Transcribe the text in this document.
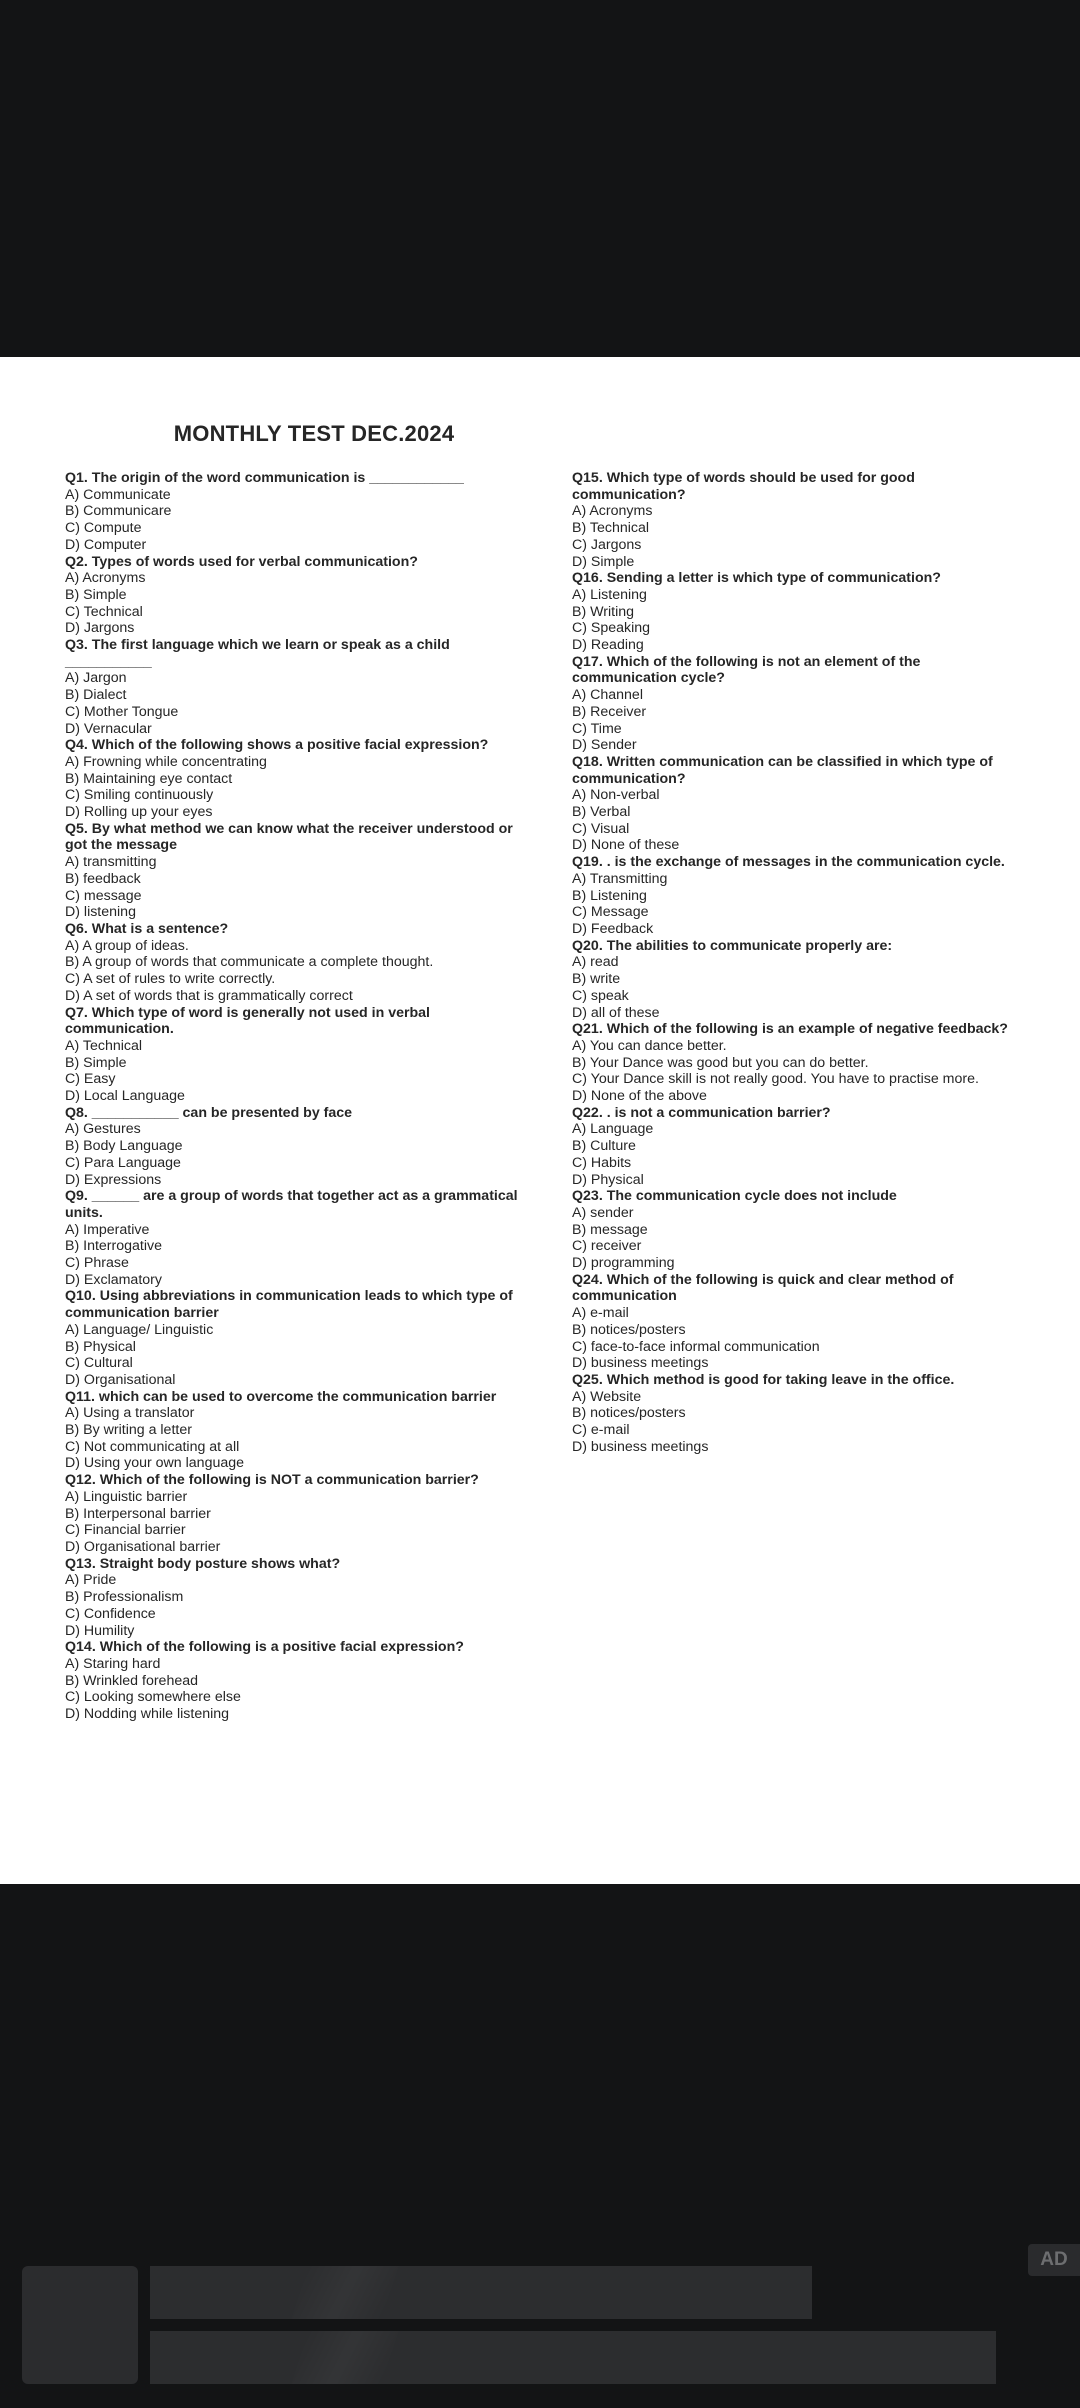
MONTHLY TEST DEC.2024
Q1. The origin of the word communication is ____________
A) Communicate
B) Communicare
C) Compute
D) Computer
Q2. Types of words used for verbal communication?
A) Acronyms
B) Simple
C) Technical
D) Jargons
Q3. The first language which we learn or speak as a child ___________
A) Jargon
B) Dialect
C) Mother Tongue
D) Vernacular
Q4. Which of the following shows a positive facial expression?
A) Frowning while concentrating
B) Maintaining eye contact
C) Smiling continuously
D) Rolling up your eyes
Q5. By what method we can know what the receiver understood or got the message
A) transmitting
B) feedback
C) message
D) listening
Q6. What is a sentence?
A) A group of ideas.
B) A group of words that communicate a complete thought.
C) A set of rules to write correctly.
D) A set of words that is grammatically correct
Q7. Which type of word is generally not used in verbal communication.
A) Technical
B) Simple
C) Easy
D) Local Language
Q8. ___________ can be presented by face
A) Gestures
B) Body Language
C) Para Language
D) Expressions
Q9. ______ are a group of words that together act as a grammatical units.
A) Imperative
B) Interrogative
C) Phrase
D) Exclamatory
Q10. Using abbreviations in communication leads to which type of communication barrier
A) Language/ Linguistic
B) Physical
C) Cultural
D) Organisational
Q11. which can be used to overcome the communication barrier
A) Using a translator
B) By writing a letter
C) Not communicating at all
D) Using your own language
Q12. Which of the following is NOT a communication barrier?
A) Linguistic barrier
B) Interpersonal barrier
C) Financial barrier
D) Organisational barrier
Q13. Straight body posture shows what?
A) Pride
B) Professionalism
C) Confidence
D) Humility
Q14. Which of the following is a positive facial expression?
A) Staring hard
B) Wrinkled forehead
C) Looking somewhere else
D) Nodding while listening
Q15. Which type of words should be used for good communication?
A) Acronyms
B) Technical
C) Jargons
D) Simple
Q16. Sending a letter is which type of communication?
A) Listening
B) Writing
C) Speaking
D) Reading
Q17. Which of the following is not an element of the communication cycle?
A) Channel
B) Receiver
C) Time
D) Sender
Q18. Written communication can be classified in which type of communication?
A) Non-verbal
B) Verbal
C) Visual
D) None of these
Q19. . is the exchange of messages in the communication cycle.
A) Transmitting
B) Listening
C) Message
D) Feedback
Q20. The abilities to communicate properly are:
A) read
B) write
C) speak
D) all of these
Q21. Which of the following is an example of negative feedback?
A) You can dance better.
B) Your Dance was good but you can do better.
C) Your Dance skill is not really good. You have to practise more.
D) None of the above
Q22. . is not a communication barrier?
A) Language
B) Culture
C) Habits
D) Physical
Q23. The communication cycle does not include
A) sender
B) message
C) receiver
D) programming
Q24. Which of the following is quick and clear method of communication
A) e-mail
B) notices/posters
C) face-to-face informal communication
D) business meetings
Q25. Which method is good for taking leave in the office.
A) Website
B) notices/posters
C) e-mail
D) business meetings
AD
